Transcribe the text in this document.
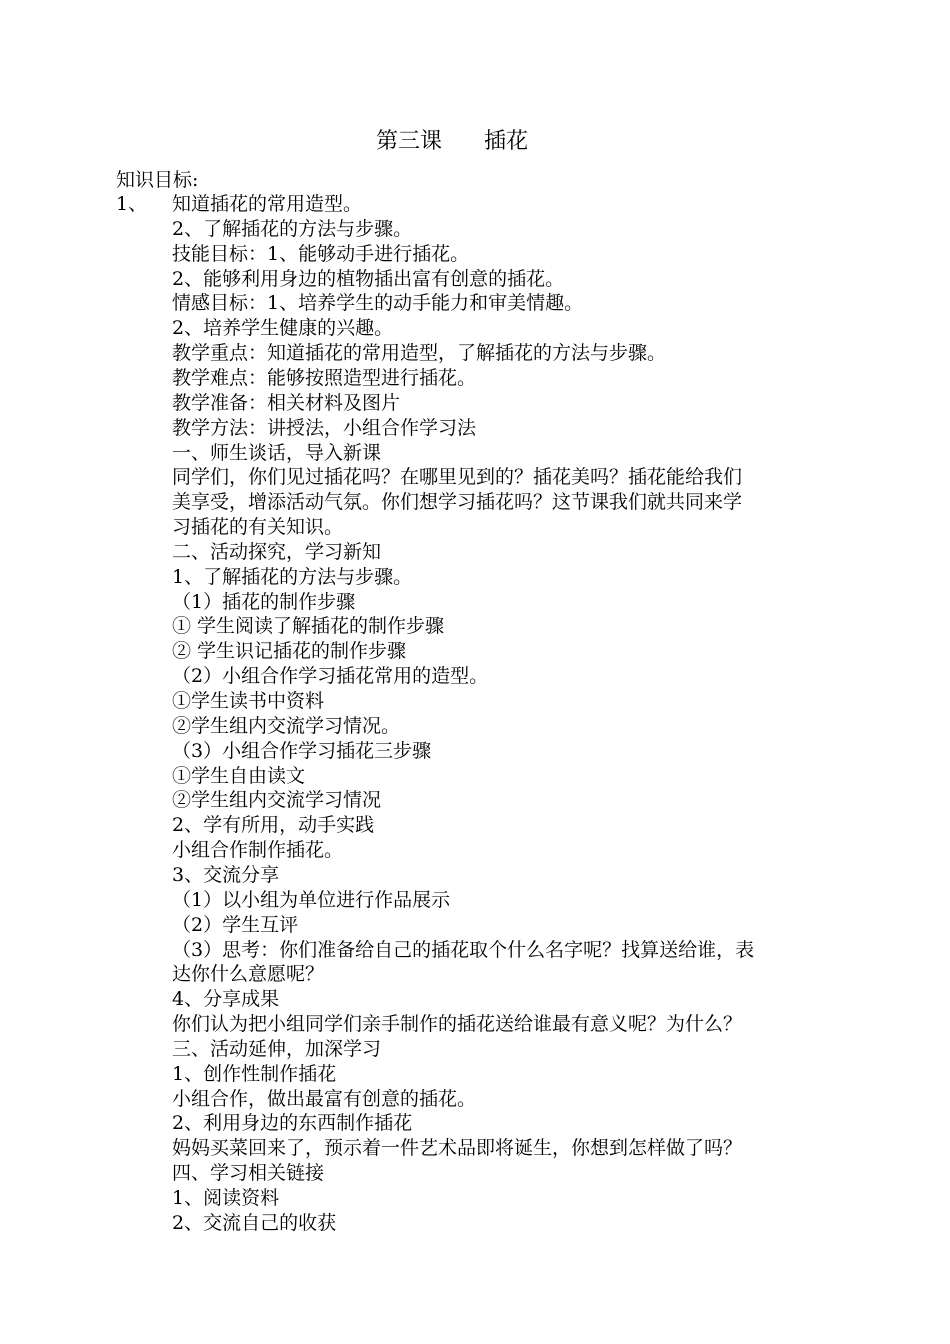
第三课      插花
知识目标:
1、 知道插花的常用造型。
2、了解插花的方法与步骤。
技能目标：1、能够动手进行插花。
2、能够利用身边的植物插出富有创意的插花。
情感目标：1、培养学生的动手能力和审美情趣。
2、培养学生健康的兴趣。
教学重点：知道插花的常用造型，了解插花的方法与步骤。
教学难点：能够按照造型进行插花。
教学准备：相关材料及图片
教学方法：讲授法，小组合作学习法
一、师生谈话，导入新课
同学们，你们见过插花吗？在哪里见到的？插花美吗？插花能给我们
美享受，增添活动气氛。你们想学习插花吗？这节课我们就共同来学
习插花的有关知识。
二、活动探究，学习新知
1、了解插花的方法与步骤。
（1）插花的制作步骤
① 学生阅读了解插花的制作步骤
② 学生识记插花的制作步骤
（2）小组合作学习插花常用的造型。
①学生读书中资料
②学生组内交流学习情况。
（3）小组合作学习插花三步骤
①学生自由读文
②学生组内交流学习情况
2、学有所用，动手实践
小组合作制作插花。
3、交流分享
（1）以小组为单位进行作品展示
（2）学生互评
（3）思考：你们准备给自己的插花取个什么名字呢？找算送给谁，表
达你什么意愿呢？
4、分享成果
你们认为把小组同学们亲手制作的插花送给谁最有意义呢？为什么？
三、活动延伸，加深学习
1、创作性制作插花
小组合作，做出最富有创意的插花。
2、利用身边的东西制作插花
妈妈买菜回来了，预示着一件艺术品即将诞生，你想到怎样做了吗？
四、学习相关链接
1、阅读资料
2、交流自己的收获
